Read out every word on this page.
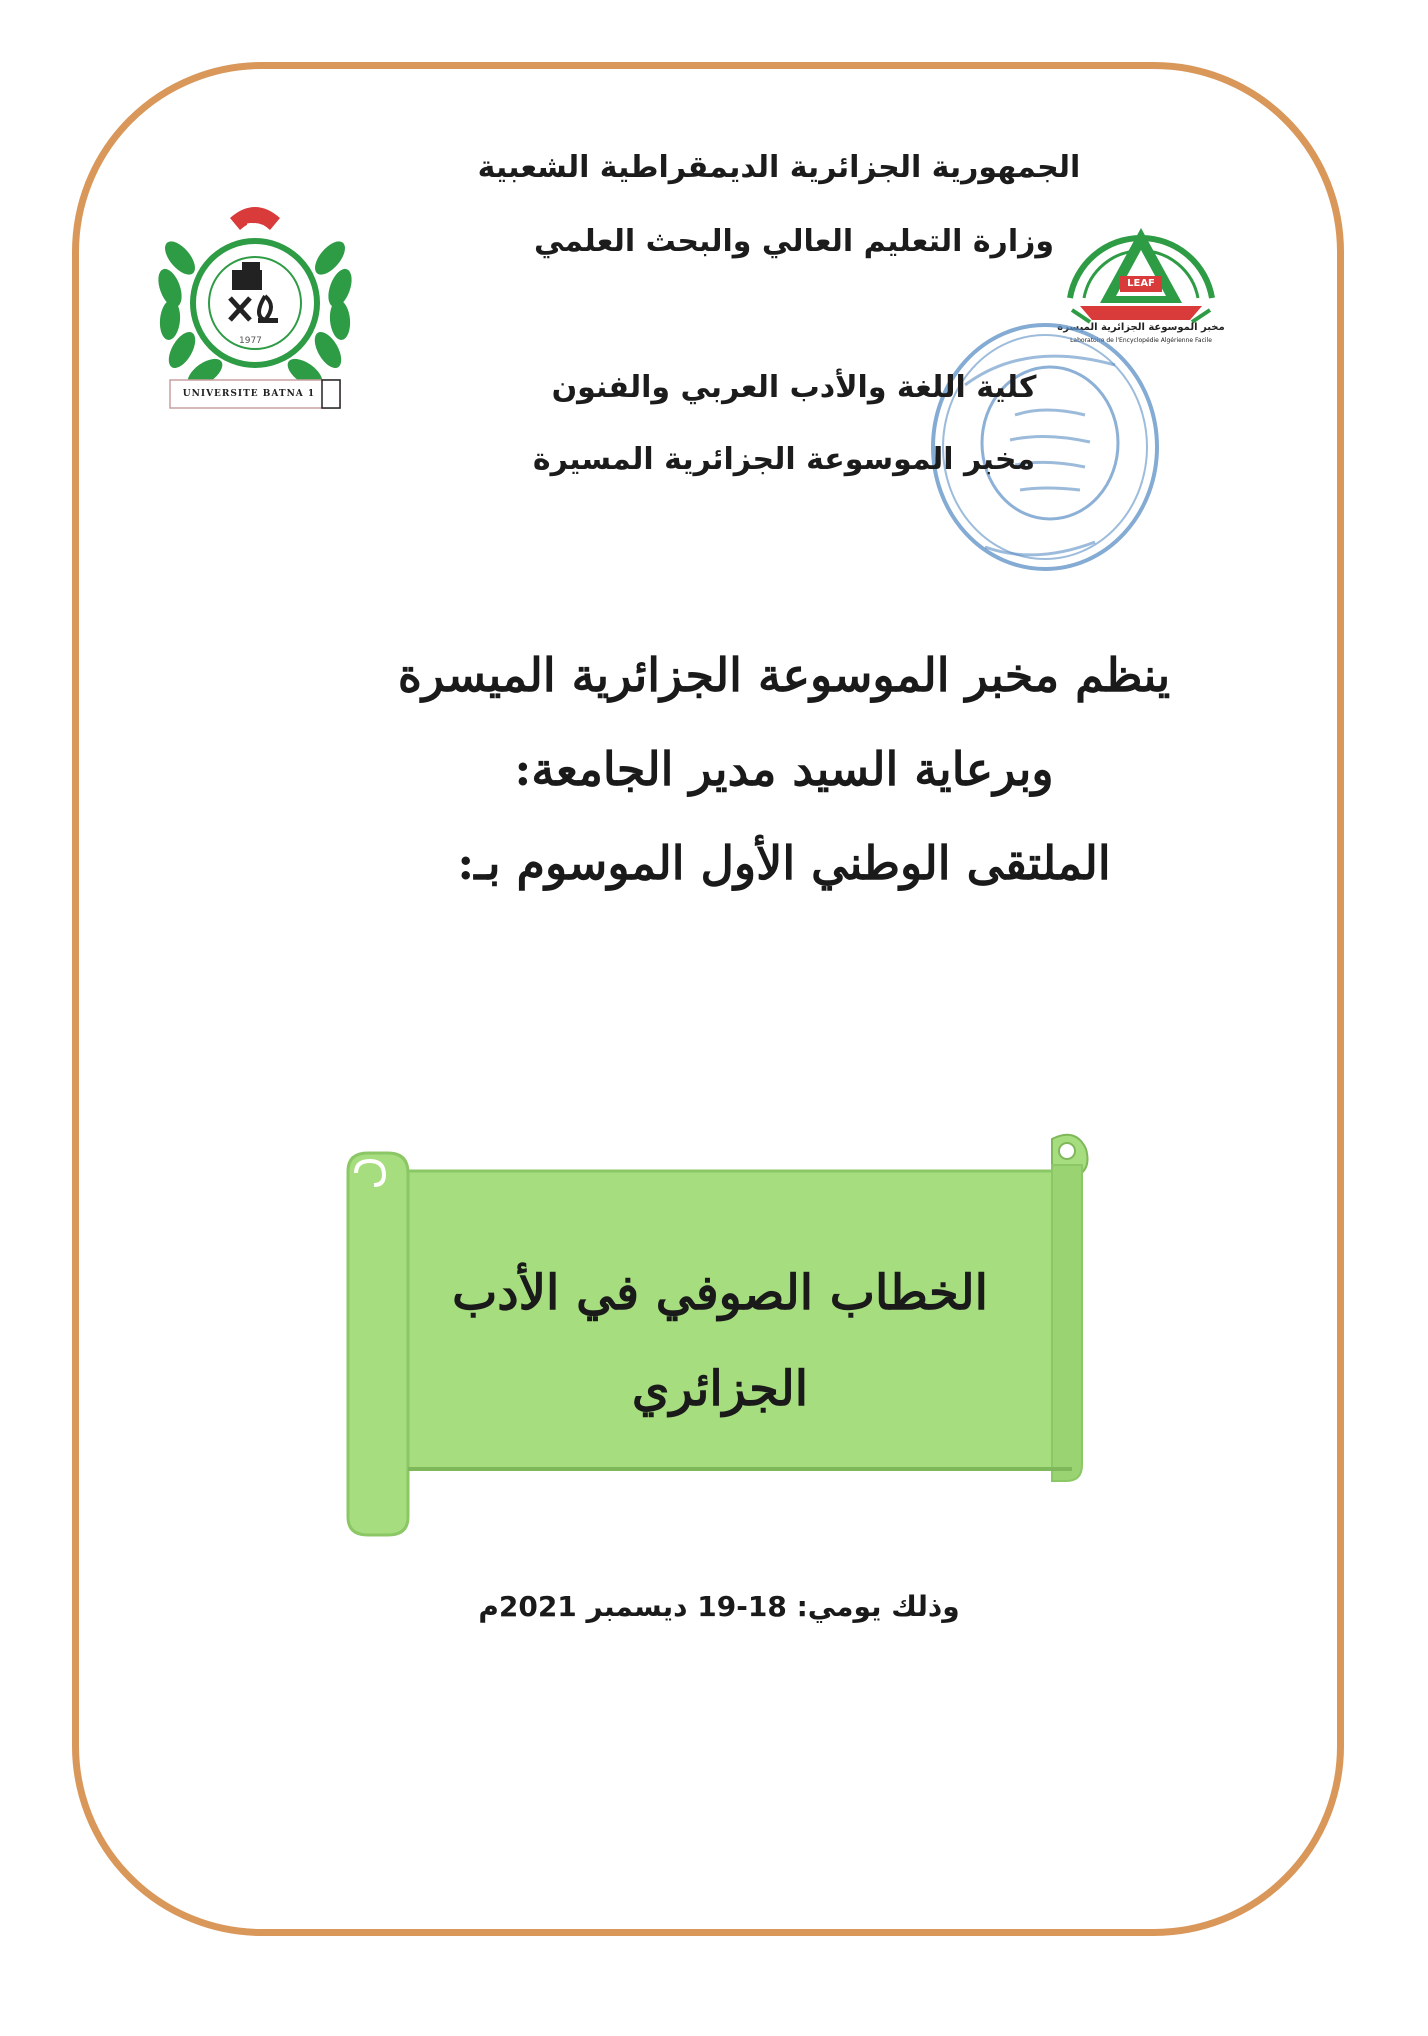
1
1977
UNIVERSITE BATNA 1
LEAF
مخبر الموسوعة الجزائرية الميسرة
Laboratoire de l'Encyclopédie Algérienne Facile
الجمهورية الجزائرية الديمقراطية الشعبية
وزارة التعليم العالي والبحث العلمي
كلية اللغة والأدب العربي والفنون
مخبر الموسوعة الجزائرية المسيرة
ينظم مخبر الموسوعة الجزائرية الميسرة
وبرعاية السيد مدير الجامعة:
الملتقى الوطني الأول الموسوم بـ:
الخطاب الصوفي في الأدب
الجزائري
وذلك يومي: 18-19 ديسمبر 2021م
